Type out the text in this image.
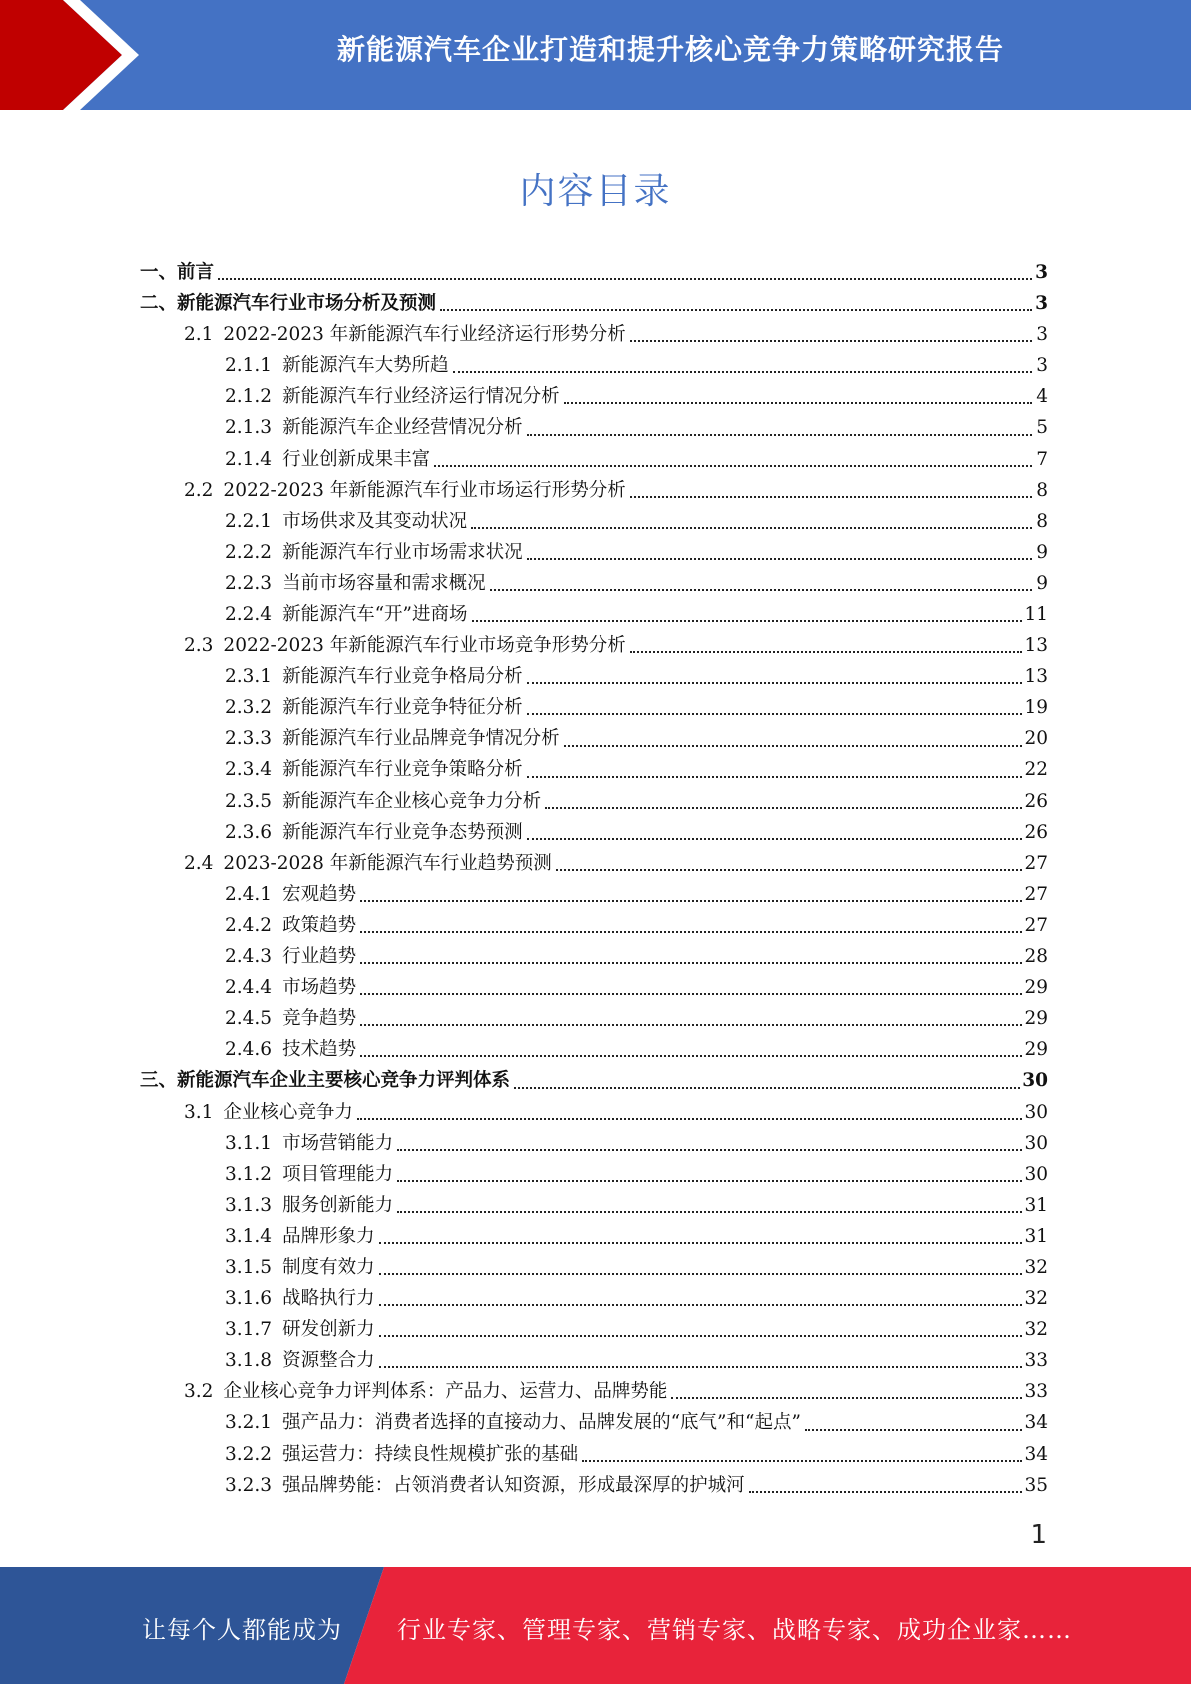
新能源汽车企业打造和提升核心竞争力策略研究报告
内容目录
一、 前言	3
二、 新能源汽车行业市场分析及预测	3
2.1 2022-2023 年新能源汽车行业经济运行形势分析	3
2.1.1 新能源汽车大势所趋	3
2.1.2 新能源汽车行业经济运行情况分析	4
2.1.3 新能源汽车企业经营情况分析	5
2.1.4 行业创新成果丰富	7
2.2 2022-2023 年新能源汽车行业市场运行形势分析	8
2.2.1 市场供求及其变动状况	8
2.2.2 新能源汽车行业市场需求状况	9
2.2.3 当前市场容量和需求概况	9
2.2.4 新能源汽车“开”进商场	11
2.3 2022-2023 年新能源汽车行业市场竞争形势分析	13
2.3.1 新能源汽车行业竞争格局分析	13
2.3.2 新能源汽车行业竞争特征分析	19
2.3.3 新能源汽车行业品牌竞争情况分析	20
2.3.4 新能源汽车行业竞争策略分析	22
2.3.5 新能源汽车企业核心竞争力分析	26
2.3.6 新能源汽车行业竞争态势预测	26
2.4 2023-2028 年新能源汽车行业趋势预测	27
2.4.1 宏观趋势	27
2.4.2 政策趋势	27
2.4.3 行业趋势	28
2.4.4 市场趋势	29
2.4.5 竞争趋势	29
2.4.6 技术趋势	29
三、 新能源汽车企业主要核心竞争力评判体系	30
3.1 企业核心竞争力	30
3.1.1 市场营销能力	30
3.1.2 项目管理能力	30
3.1.3 服务创新能力	31
3.1.4 品牌形象力	31
3.1.5 制度有效力	32
3.1.6 战略执行力	32
3.1.7 研发创新力	32
3.1.8 资源整合力	33
3.2 企业核心竞争力评判体系：产品力、运营力、品牌势能	33
3.2.1 强产品力：消费者选择的直接动力、品牌发展的“底气”和“起点”	34
3.2.2 强运营力：持续良性规模扩张的基础	34
3.2.3 强品牌势能：占领消费者认知资源，形成最深厚的护城河	35
1
让每个人都能成为 行业专家、管理专家、营销专家、战略专家、成功企业家……
